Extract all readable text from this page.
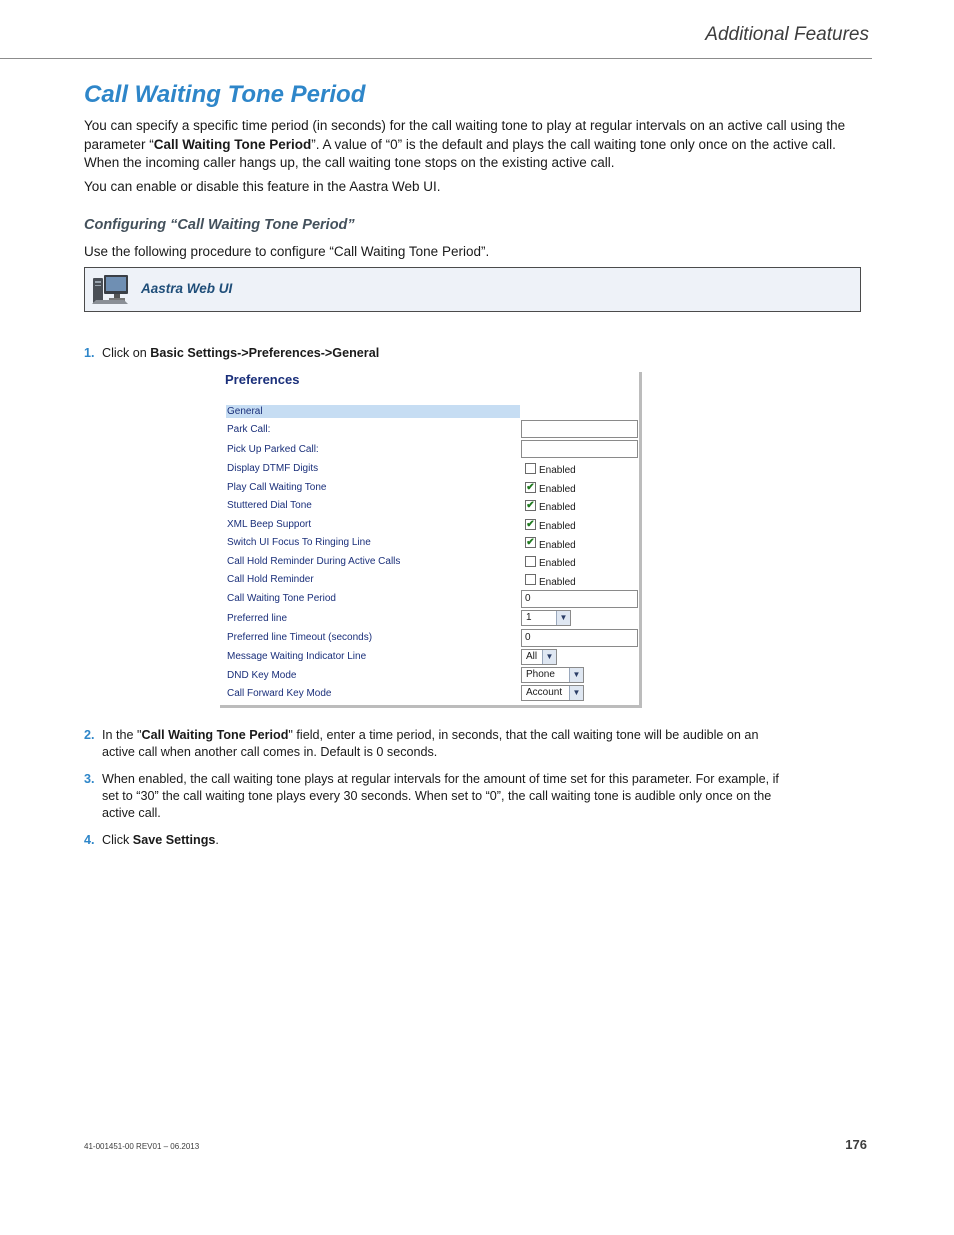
Additional Features
Call Waiting Tone Period
You can specify a specific time period (in seconds) for the call waiting tone to play at regular intervals on an active call using the parameter “Call Waiting Tone Period”. A value of “0” is the default and plays the call waiting tone only once on the active call. When the incoming caller hangs up, the call waiting tone stops on the existing active call.
You can enable or disable this feature in the Aastra Web UI.
Configuring “Call Waiting Tone Period”
Use the following procedure to configure “Call Waiting Tone Period”.
Aastra Web UI
1. Click on Basic Settings->Preferences->General
Preferences
General
Park Call:
Pick Up Parked Call:
Display DTMF Digits	Enabled
Play Call Waiting Tone	✔ Enabled
Stuttered Dial Tone	✔ Enabled
XML Beep Support	✔ Enabled
Switch UI Focus To Ringing Line	✔ Enabled
Call Hold Reminder During Active Calls	Enabled
Call Hold Reminder	Enabled
Call Waiting Tone Period	0
Preferred line	1	▼
Preferred line Timeout (seconds)	0
Message Waiting Indicator Line	All	▼
DND Key Mode	Phone	▼
Call Forward Key Mode	Account	▼
2. In the "Call Waiting Tone Period" field, enter a time period, in seconds, that the call waiting tone will be audible on an active call when another call comes in. Default is 0 seconds.
3. When enabled, the call waiting tone plays at regular intervals for the amount of time set for this parameter. For example, if set to “30” the call waiting tone plays every 30 seconds. When set to “0”, the call waiting tone is audible only once on the active call.
4. Click Save Settings.
41-001451-00 REV01 – 06.2013	176
